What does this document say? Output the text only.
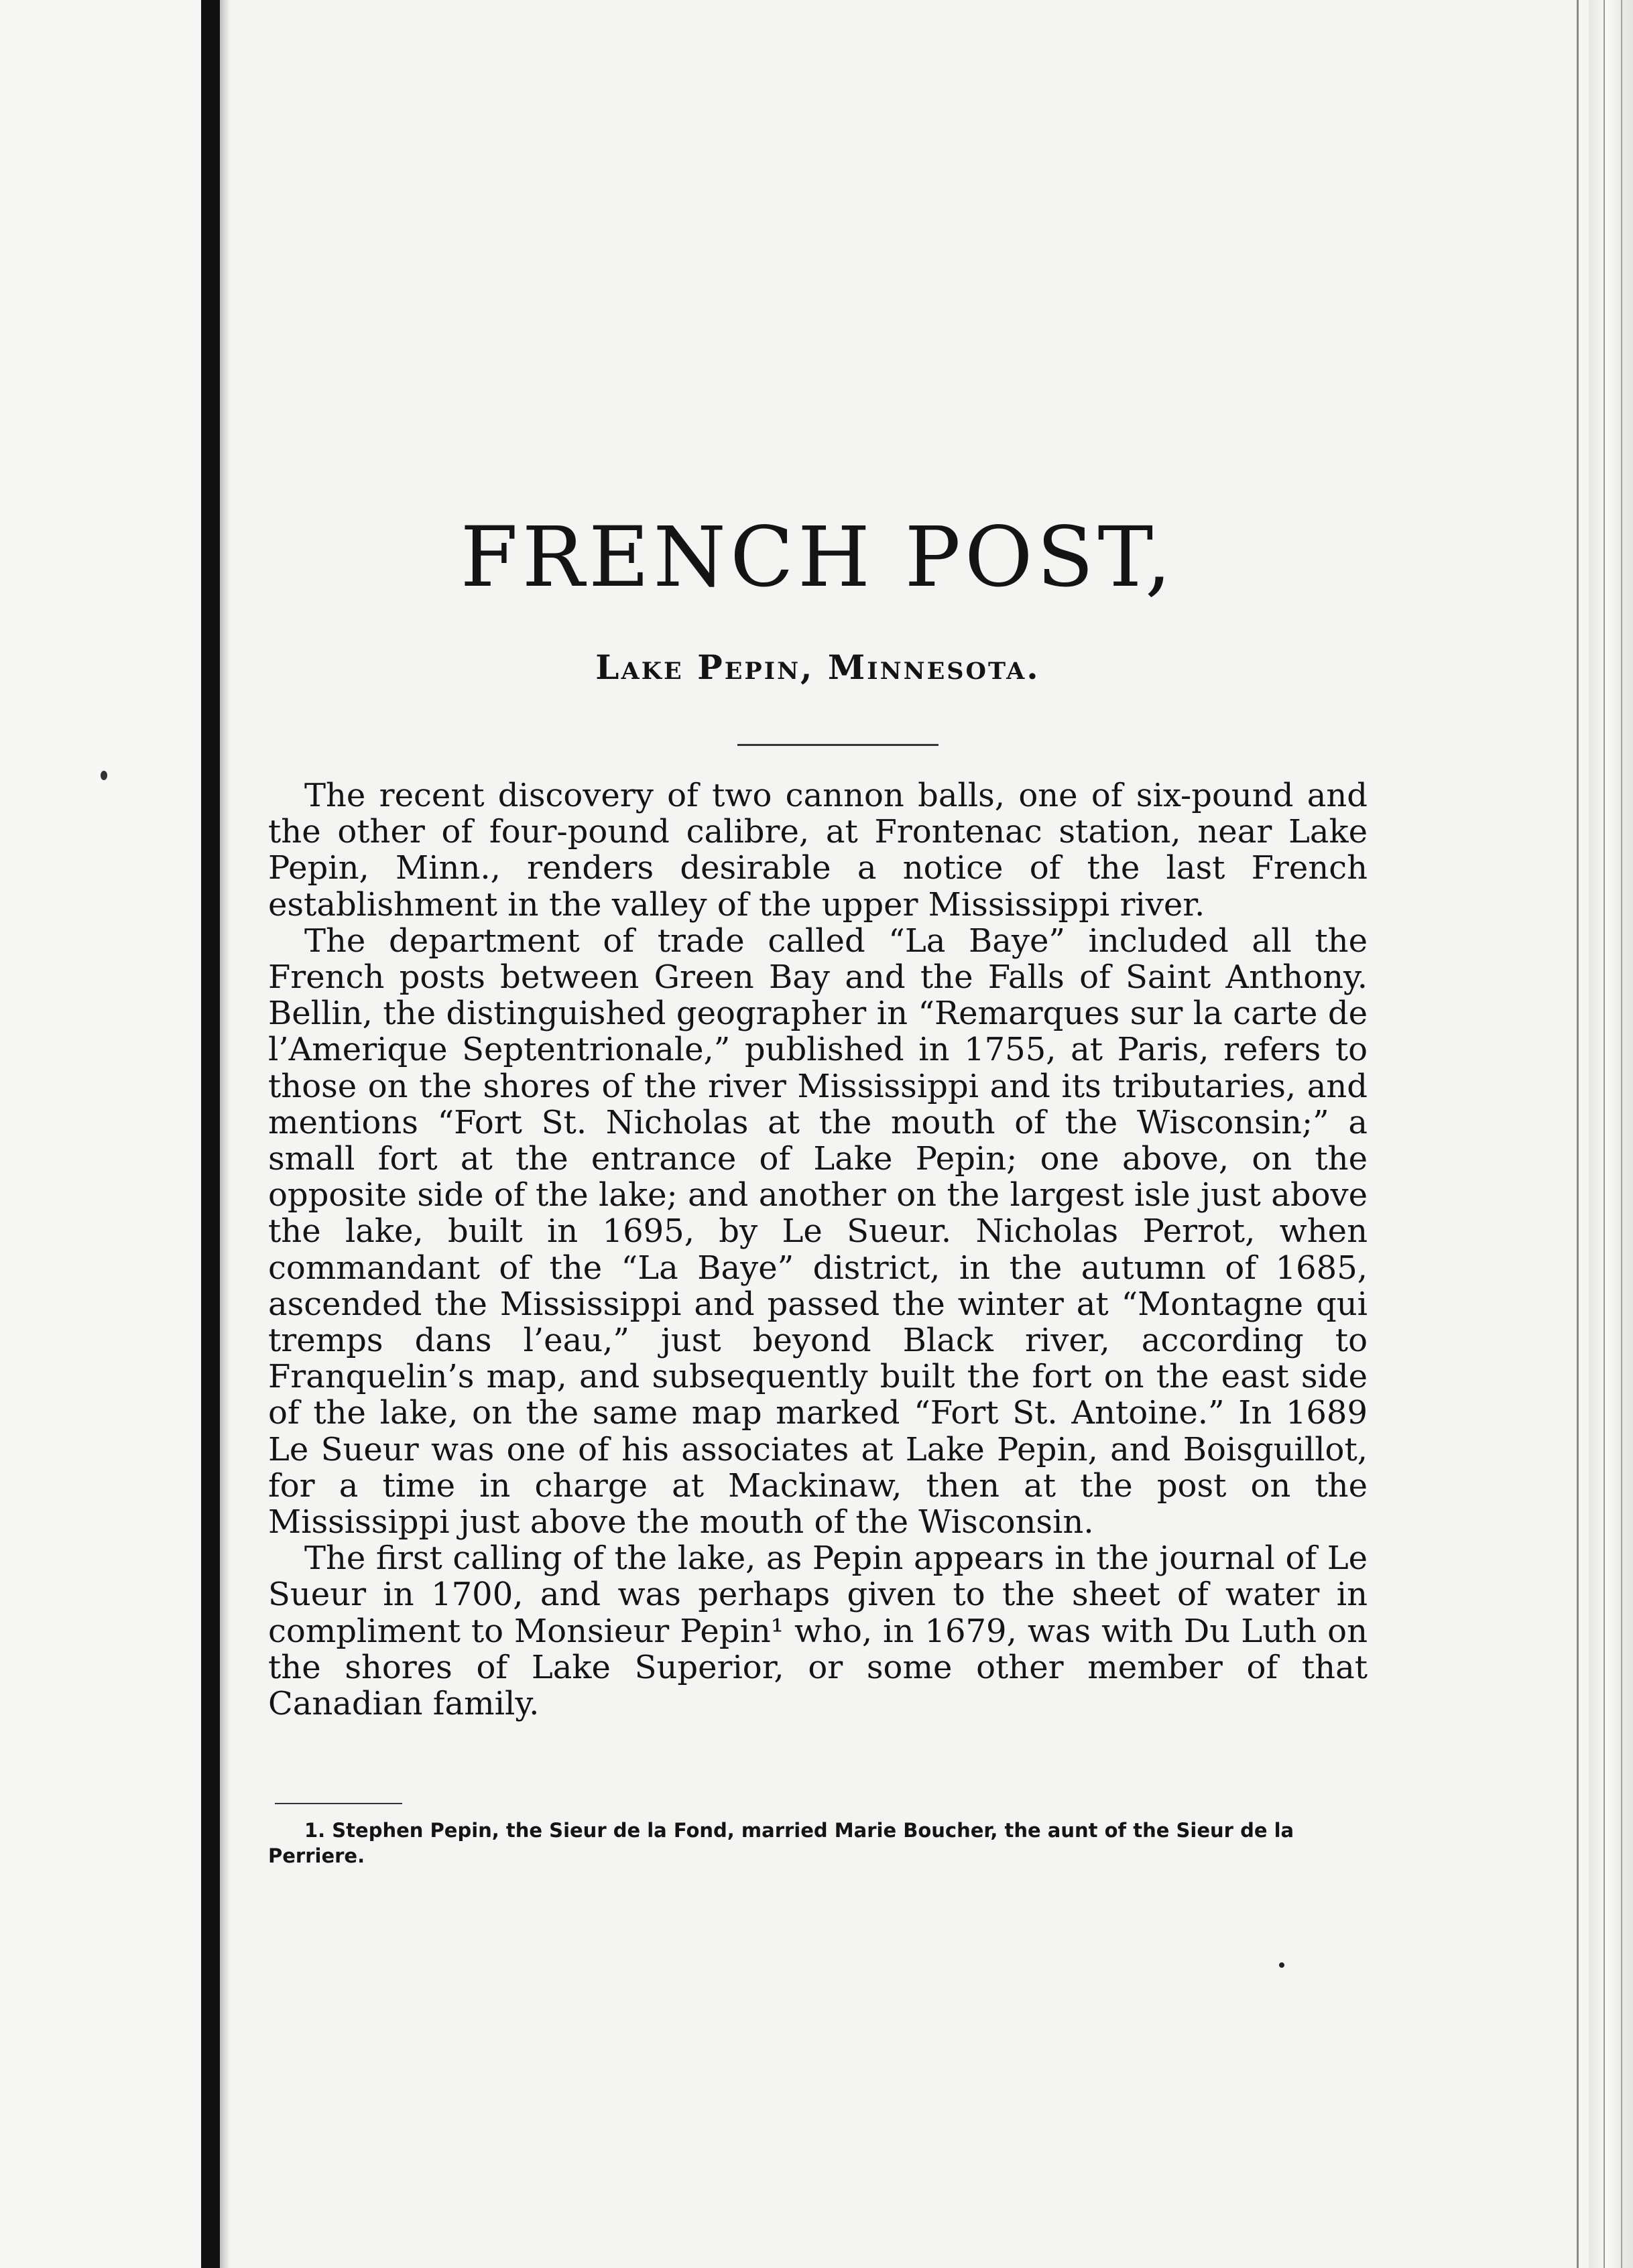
FRENCH POST,
Lake Pepin, Minnesota.

The recent discovery of two cannon balls, one of six-pound and the other of four-pound calibre, at Frontenac station, near Lake Pepin, Minn., renders desirable a notice of the last French establishment in the valley of the upper Mississippi river.

The department of trade called “La Baye” included all the French posts between Green Bay and the Falls of Saint Anthony. Bellin, the distinguished geographer in “Remarques sur la carte de l’Amerique Septentrionale,” published in 1755, at Paris, refers to those on the shores of the river Mississippi and its tributaries, and mentions “Fort St. Nicholas at the mouth of the Wisconsin;” a small fort at the entrance of Lake Pepin; one above, on the opposite side of the lake; and another on the largest isle just above the lake, built in 1695, by Le Sueur. Nicholas Perrot, when commandant of the “La Baye” district, in the autumn of 1685, ascended the Mississippi and passed the winter at “Montagne qui tremps dans l’eau,” just beyond Black river, according to Franquelin’s map, and subsequently built the fort on the east side of the lake, on the same map marked “Fort St. Antoine.” In 1689 Le Sueur was one of his associates at Lake Pepin, and Boisguillot, for a time in charge at Mackinaw, then at the post on the Mississippi just above the mouth of the Wisconsin.

The first calling of the lake, as Pepin appears in the journal of Le Sueur in 1700, and was perhaps given to the sheet of water in compliment to Monsieur Pepin¹ who, in 1679, was with Du Luth on the shores of Lake Superior, or some other member of that Canadian family.

1. Stephen Pepin, the Sieur de la Fond, married Marie Boucher, the aunt of the Sieur de la Perriere.
